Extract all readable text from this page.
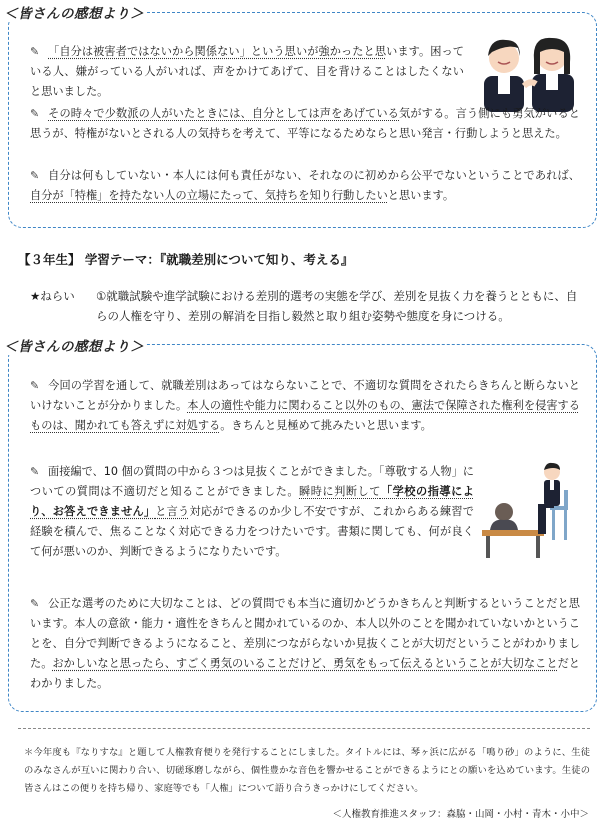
＜皆さんの感想より＞

✎ 「自分は被害者ではないから関係ない」という思いが強かったと思います。困っている人、嫌がっている人がいれば、声をかけてあげて、目を背けることはしたくないと思いました。

✎ その時々で少数派の人がいたときには、自分としては声をあげている気がする。言う側にも勇気がいると思うが、特権がないとされる人の気持ちを考えて、平等になるためならと思い発言・行動しようと思えた。

✎ 自分は何もしていない・本人には何も責任がない、それなのに初めから公平でないということであれば、自分が「特権」を持たない人の立場にたって、気持ちを知り行動したいと思います。

【３年生】 学習テーマ：『就職差別について知り、考える』

★ねらい ①就職試験や進学試験における差別的選考の実態を学び、差別を見抜く力を養うとともに、自らの人権を守り、差別の解消を目指し毅然と取り組む姿勢や態度を身につける。
＜皆さんの感想より＞

✎ 今回の学習を通して、就職差別はあってはならないことで、不適切な質問をされたらきちんと断らないといけないことが分かりました。本人の適性や能力に関わること以外のもの、憲法で保障された権利を侵害するものは、聞かれても答えずに対処する。きちんと見極めて挑みたいと思います。

✎ 面接編で、10 個の質問の中から３つは見抜くことができました。「尊敬する人物」についての質問は不適切だと知ることができました。瞬時に判断して「学校の指導により、お答えできません」と言う対応ができるのか少し不安ですが、これからある練習で経験を積んで、焦ることなく対応できる力をつけたいです。書類に関しても、何が良くて何が悪いのか、判断できるようになりたいです。

✎ 公正な選考のために大切なことは、どの質問でも本当に適切かどうかきちんと判断するということだと思います。本人の意欲・能力・適性をきちんと聞かれているのか、本人以外のことを聞かれていないかということを、自分で判断できるようになること、差別につながらないか見抜くことが大切だということがわかりました。おかしいなと思ったら、すごく勇気のいることだけど、勇気をもって伝えるということが大切なことだとわかりました。

＊今年度も『なりすな』と題して人権教育便りを発行することにしました。タイトルには、琴ヶ浜に広がる「鳴り砂」のように、生徒のみなさんが互いに関わり合い、切磋琢磨しながら、個性豊かな音色を響かせることができるようにとの願いを込めています。生徒の皆さんはこの便りを持ち帰り、家庭等でも「人権」について語り合うきっかけにしてください。

＜人権教育推進スタッフ：森脇・山岡・小村・青木・小中＞
